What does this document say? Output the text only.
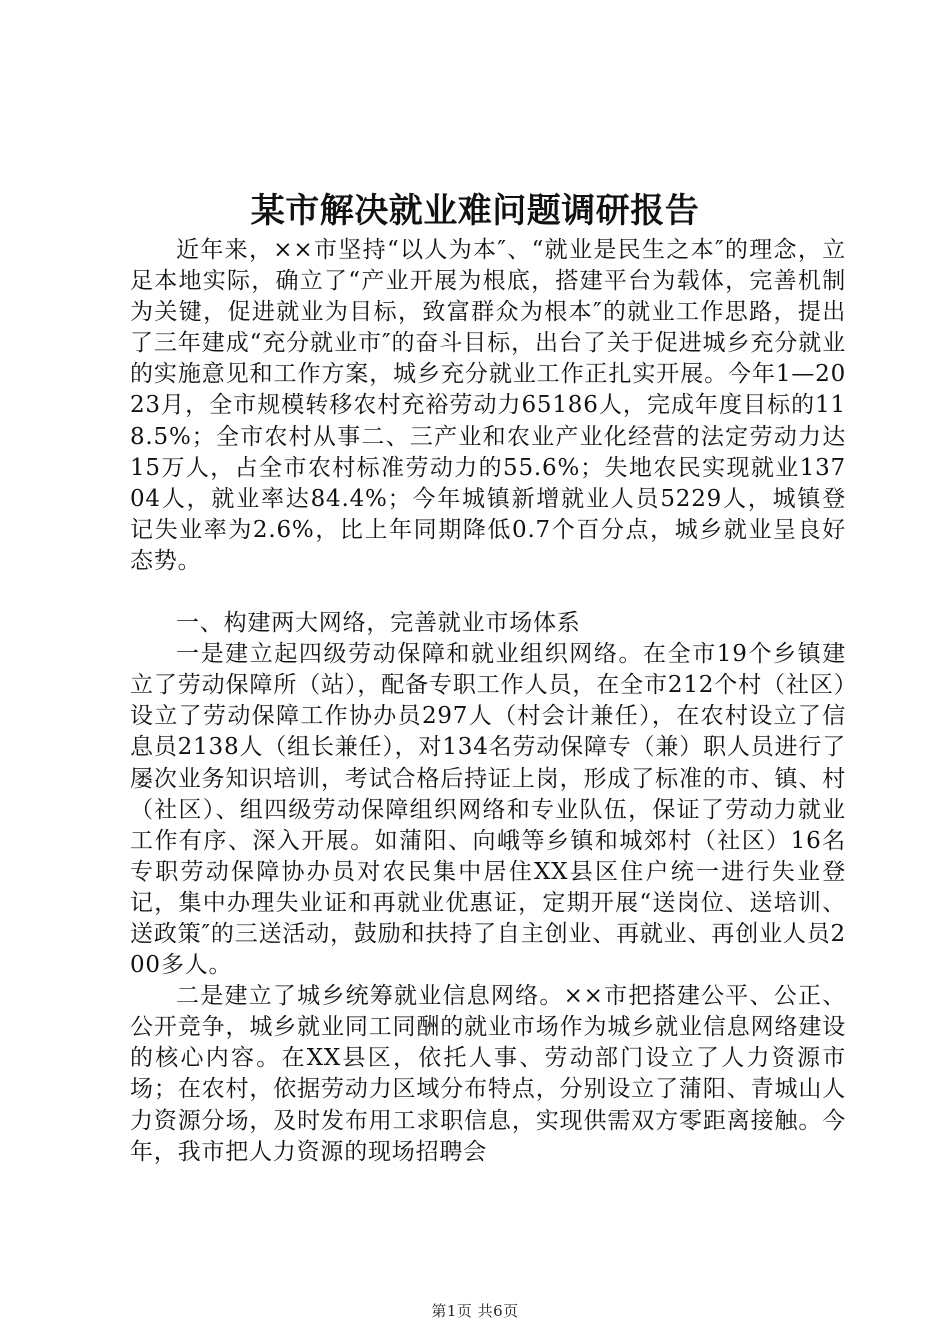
某市解决就业难问题调研报告

近年来，××市坚持“以人为本″、“就业是民生之本″的理念，立足本地实际，确立了“产业开展为根底，搭建平台为载体，完善机制为关键，促进就业为目标，致富群众为根本″的就业工作思路，提出了三年建成“充分就业市″的奋斗目标，出台了关于促进城乡充分就业的实施意见和工作方案，城乡充分就业工作正扎实开展。今年1—2023月，全市规模转移农村充裕劳动力65186人，完成年度目标的118.5%；全市农村从事二、三产业和农业产业化经营的法定劳动力达15万人，占全市农村标准劳动力的55.6%；失地农民实现就业13704人，就业率达84.4%；今年城镇新增就业人员5229人，城镇登记失业率为2.6%，比上年同期降低0.7个百分点，城乡就业呈良好态势。

一、构建两大网络，完善就业市场体系

一是建立起四级劳动保障和就业组织网络。在全市19个乡镇建立了劳动保障所（站），配备专职工作人员，在全市212个村（社区）设立了劳动保障工作协办员297人（村会计兼任），在农村设立了信息员2138人（组长兼任），对134名劳动保障专（兼）职人员进行了屡次业务知识培训，考试合格后持证上岗，形成了标准的市、镇、村（社区）、组四级劳动保障组织网络和专业队伍，保证了劳动力就业工作有序、深入开展。如蒲阳、向峨等乡镇和城郊村（社区）16名专职劳动保障协办员对农民集中居住XX县区住户统一进行失业登记，集中办理失业证和再就业优惠证，定期开展“送岗位、送培训、送政策″的三送活动，鼓励和扶持了自主创业、再就业、再创业人员200多人。

二是建立了城乡统筹就业信息网络。××市把搭建公平、公正、公开竞争，城乡就业同工同酬的就业市场作为城乡就业信息网络建设的核心内容。在XX县区，依托人事、劳动部门设立了人力资源市场；在农村，依据劳动力区域分布特点，分别设立了蒲阳、青城山人力资源分场，及时发布用工求职信息，实现供需双方零距离接触。今年，我市把人力资源的现场招聘会

第1页 共6页
